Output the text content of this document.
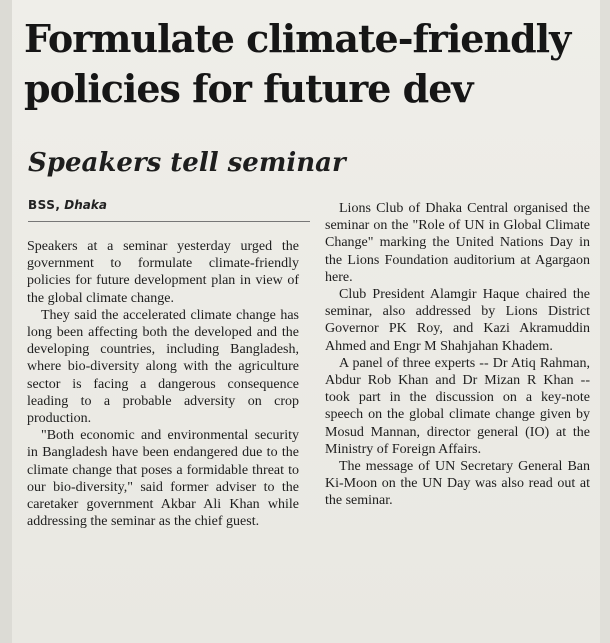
Formulate climate-friendly
policies for future dev
Speakers tell seminar
BSS, Dhaka

Speakers at a seminar yesterday urged the government to formulate climate-friendly policies for future development plan in view of the global climate change.

They said the accelerated climate change has long been affecting both the developed and the developing countries, including Bangladesh, where bio-diversity along with the agriculture sector is facing a dangerous consequence leading to a probable adversity on crop production.

"Both economic and environmental security in Bangladesh have been endangered due to the climate change that poses a formidable threat to our bio-diversity," said former adviser to the caretaker government Akbar Ali Khan while addressing the seminar as the chief guest.

Lions Club of Dhaka Central organised the seminar on the "Role of UN in Global Climate Change" marking the United Nations Day in the Lions Foundation auditorium at Agargaon here.

Club President Alamgir Haque chaired the seminar, also addressed by Lions District Governor PK Roy, and Kazi Akramuddin Ahmed and Engr M Shahjahan Khadem.

A panel of three experts -- Dr Atiq Rahman, Abdur Rob Khan and Dr Mizan R Khan -- took part in the discussion on a key-note speech on the global climate change given by Mosud Mannan, director general (IO) at the Ministry of Foreign Affairs.

The message of UN Secretary General Ban Ki-Moon on the UN Day was also read out at the seminar.
